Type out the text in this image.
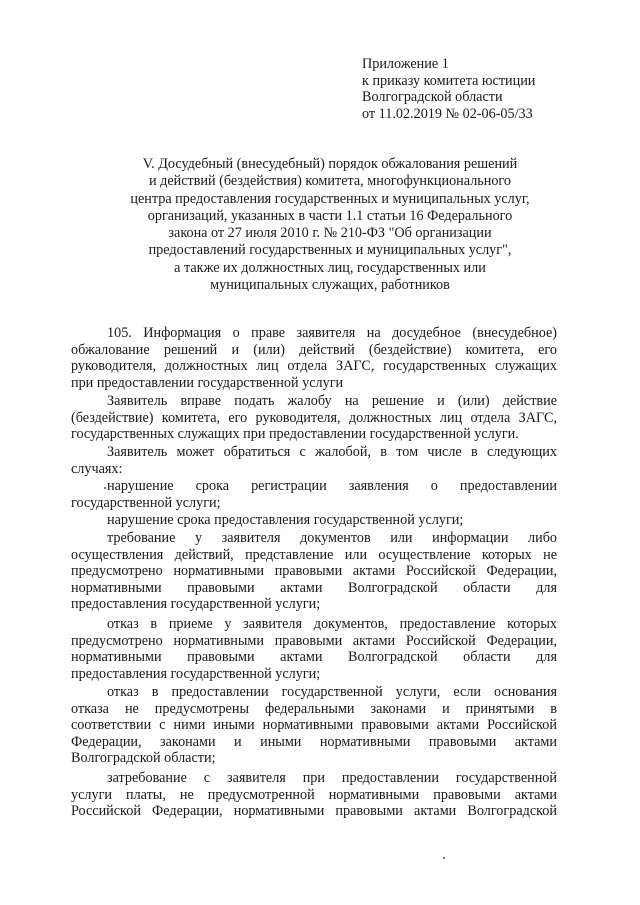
Приложение 1
к приказу комитета юстиции
Волгоградской области
от 11.02.2019 № 02-06-05/33
V. Досудебный (внесудебный) порядок обжалования решений
и действий (бездействия) комитета, многофункционального
центра предоставления государственных и муниципальных услуг,
организаций, указанных в части 1.1 статьи 16 Федерального
закона от 27 июля 2010 г. № 210-ФЗ "Об организации
предоставлений государственных и муниципальных услуг",
а также их должностных лиц, государственных или
муниципальных служащих, работников
105. Информация о праве заявителя на досудебное (внесудебное)
обжалование решений и (или) действий (бездействие) комитета, его
руководителя, должностных лиц отдела ЗАГС, государственных служащих
при предоставлении государственной услуги
Заявитель вправе подать жалобу на решение и (или) действие
(бездействие) комитета, его руководителя, должностных лиц отдела ЗАГС,
государственных служащих при предоставлении государственной услуги.
Заявитель может обратиться с жалобой, в том числе в следующих
случаях:
нарушение срока регистрации заявления о предоставлении
государственной услуги;
нарушение срока предоставления государственной услуги;
требование у заявителя документов или информации либо
осуществления действий, представление или осуществление которых не
предусмотрено нормативными правовыми актами Российской Федерации,
нормативными правовыми актами Волгоградской области для
предоставления государственной услуги;
отказ в приеме у заявителя документов, предоставление которых
предусмотрено нормативными правовыми актами Российской Федерации,
нормативными правовыми актами Волгоградской области для
предоставления государственной услуги;
отказ в предоставлении государственной услуги, если основания
отказа не предусмотрены федеральными законами и принятыми в
соответствии с ними иными нормативными правовыми актами Российской
Федерации, законами и иными нормативными правовыми актами
Волгоградской области;
затребование с заявителя при предоставлении государственной
услуги платы, не предусмотренной нормативными правовыми актами
Российской Федерации, нормативными правовыми актами Волгоградской
